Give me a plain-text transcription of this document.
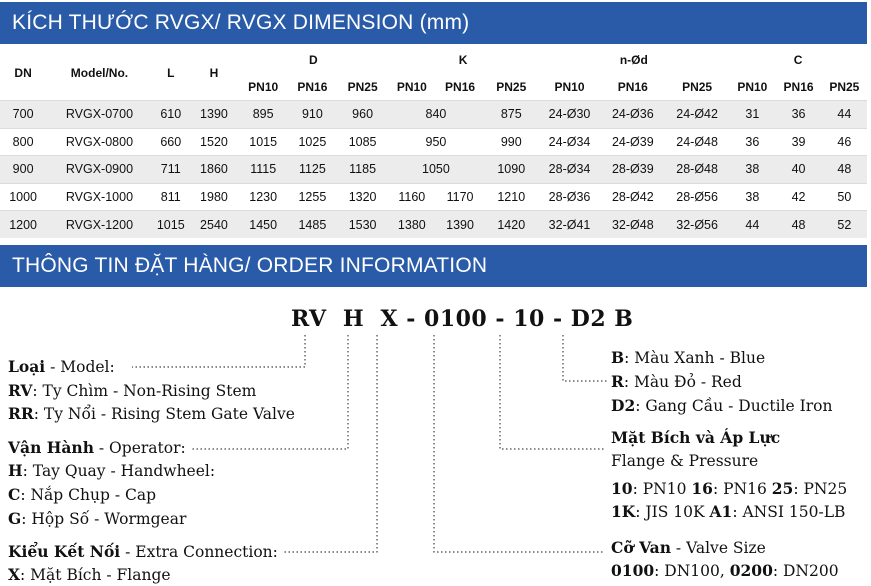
KÍCH THƯỚC RVGX/ RVGX DIMENSION (mm)
DN	Model/No.	L	H	D			K			n-Ød			C		
				PN10	PN16	PN25	PN10	PN16	PN25	PN10	PN16	PN25	PN10	PN16	PN25
700	RVGX-0700	610	1390	895	910	960	840		875	24-Ø30	24-Ø36	24-Ø42	31	36	44
800	RVGX-0800	660	1520	1015	1025	1085	950		990	24-Ø34	24-Ø39	24-Ø48	36	39	46
900	RVGX-0900	711	1860	1115	1125	1185	1050		1090	28-Ø34	28-Ø39	28-Ø48	38	40	48
1000	RVGX-1000	811	1980	1230	1255	1320	1160	1170	1210	28-Ø36	28-Ø42	28-Ø56	38	42	50
1200	RVGX-1200	1015	2540	1450	1485	1530	1380	1390	1420	32-Ø41	32-Ø48	32-Ø56	44	48	52
THÔNG TIN ĐẶT HÀNG/ ORDER INFORMATION
RV  H  X - 0100 - 10 - D2 B
Loại - Model:
RV: Ty Chìm - Non-Rising Stem
RR: Ty Nổi - Rising Stem Gate Valve
Vận Hành - Operator:
H: Tay Quay - Handwheel:
C: Nắp Chụp - Cap
G: Hộp Số - Wormgear
Kiểu Kết Nối - Extra Connection:
X: Mặt Bích - Flange
B: Màu Xanh - Blue
R: Màu Đỏ - Red
D2: Gang Cầu - Ductile Iron
Mặt Bích và Áp Lực
Flange & Pressure
10: PN10 16: PN16 25: PN25
1K: JIS 10K A1: ANSI 150-LB
Cỡ Van - Valve Size
0100: DN100, 0200: DN200
